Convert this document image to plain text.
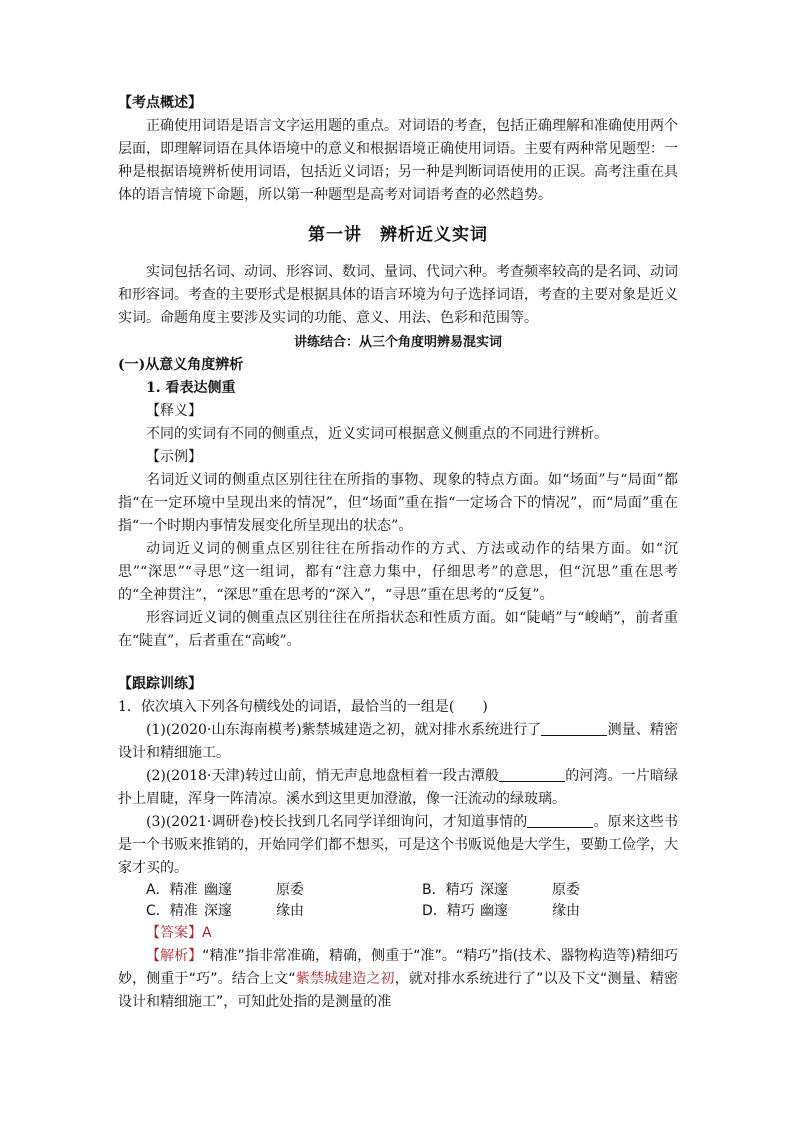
【考点概述】

正确使用词语是语言文字运用题的重点。对词语的考查，包括正确理解和准确使用两个层面，即理解词语在具体语境中的意义和根据语境正确使用词语。主要有两种常见题型：一种是根据语境辨析使用词语，包括近义词语；另一种是判断词语使用的正误。高考注重在具体的语言情境下命题，所以第一种题型是高考对词语考查的必然趋势。

第一讲　辨析近义实词

实词包括名词、动词、形容词、数词、量词、代词六种。考查频率较高的是名词、动词和形容词。考查的主要形式是根据具体的语言环境为句子选择词语，考查的主要对象是近义实词。命题角度主要涉及实词的功能、意义、用法、色彩和范围等。

讲练结合：从三个角度明辨易混实词

(一)从意义角度辨析

1. 看表达侧重

【释义】

不同的实词有不同的侧重点，近义实词可根据意义侧重点的不同进行辨析。

【示例】

名词近义词的侧重点区别往往在所指的事物、现象的特点方面。如“场面”与“局面”都指“在一定环境中呈现出来的情况”，但“场面”重在指“一定场合下的情况”，而“局面”重在指“一个时期内事情发展变化所呈现出的状态”。

动词近义词的侧重点区别往往在所指动作的方式、方法或动作的结果方面。如“沉思”“深思”“寻思”这一组词，都有“注意力集中，仔细思考”的意思，但“沉思”重在思考的“全神贯注”，“深思”重在思考的“深入”，“寻思”重在思考的“反复”。

形容词近义词的侧重点区别往往在所指状态和性质方面。如“陡峭”与“峻峭”，前者重在“陡直”，后者重在“高峻”。

【跟踪训练】

1．依次填入下列各句横线处的词语，最恰当的一组是(　　)

(1)(2020·山东海南模考)紫禁城建造之初，就对排水系统进行了	测量、精密设计和精细施工。

(2)(2018·天津)转过山前，悄无声息地盘桓着一段古潭般	的河湾。一片暗绿扑上眉睫，浑身一阵清凉。溪水到这里更加澄澈，像一汪流动的绿玻璃。

(3)(2021·调研卷)校长找到几名同学详细询问，才知道事情的	。原来这些书是一个书贩来推销的，开始同学们都不想买，可是这个书贩说他是大学生，要勤工俭学，大家才买的。

A．精准 幽邃	原委	B．精巧 深邃	原委
C．精准 深邃	缘由	D．精巧 幽邃	缘由

【答案】A

【解析】“精准”指非常准确，精确，侧重于“准”。“精巧”指(技术、器物构造等)精细巧妙，侧重于“巧”。结合上文“紫禁城建造之初，就对排水系统进行了”以及下文“测量、精密设计和精细施工”，可知此处指的是测量的准
